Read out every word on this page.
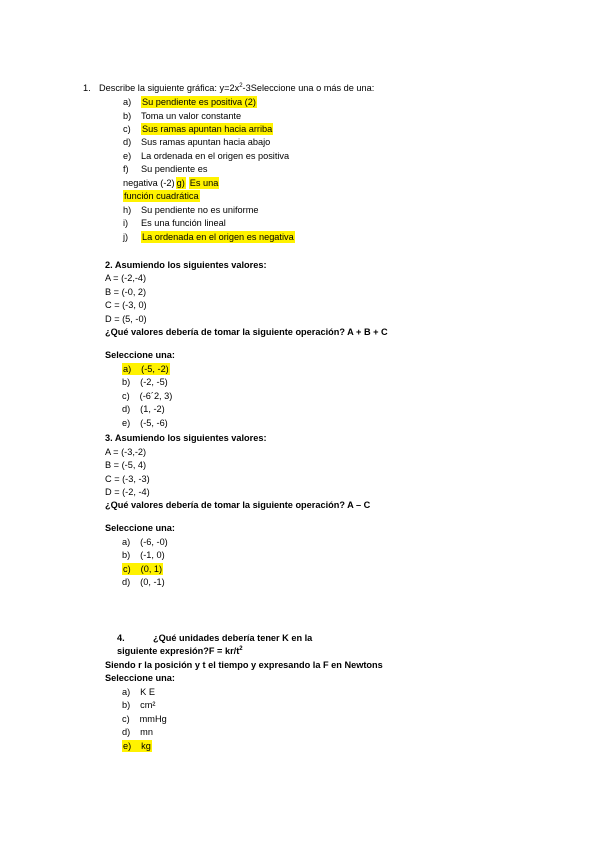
1. Describe la siguiente gráfica: $y=2x^2-3Seleccione$ una o más de una:
a) Su pendiente es positiva (2)
b) Toma un valor constante
c) Sus ramas apuntan hacia arriba
d) Sus ramas apuntan hacia abajo
e) La ordenada en el origen es positiva
f) Su pendiente es
negativa (-2) g) Es una
función cuadrática
h) Su pendiente no es uniforme
i) Es una función lineal
j) La ordenada en el origen es negativa
2. Asumiendo los siguientes valores:
A = (-2,-4)
B = (-0, 2)
C = (-3, 0)
D = (5, -0)
¿Qué valores debería de tomar la siguiente operación? A + B + C
Seleccione una:
a) (-5, -2)
b) (-2, -5)
c) (-6´2, 3)
d) (1, -2)
e) (-5, -6)
3. Asumiendo los siguientes valores:
A = (-3,-2)
B = (-5, 4)
C = (-3, -3)
D = (-2, -4)
¿Qué valores debería de tomar la siguiente operación? A – C
Seleccione una:
a) (-6, -0)
b) (-1, 0)
c) (0, 1)
d) (0, -1)
4.	¿Qué unidades debería tener K en la
siguiente expresión?F = $kr/t^2$
Siendo r la posición y t el tiempo y expresando la F en Newtons
Seleccione una:
a) K E
b) cm²
c) mmHg
d) mn
e) kg
